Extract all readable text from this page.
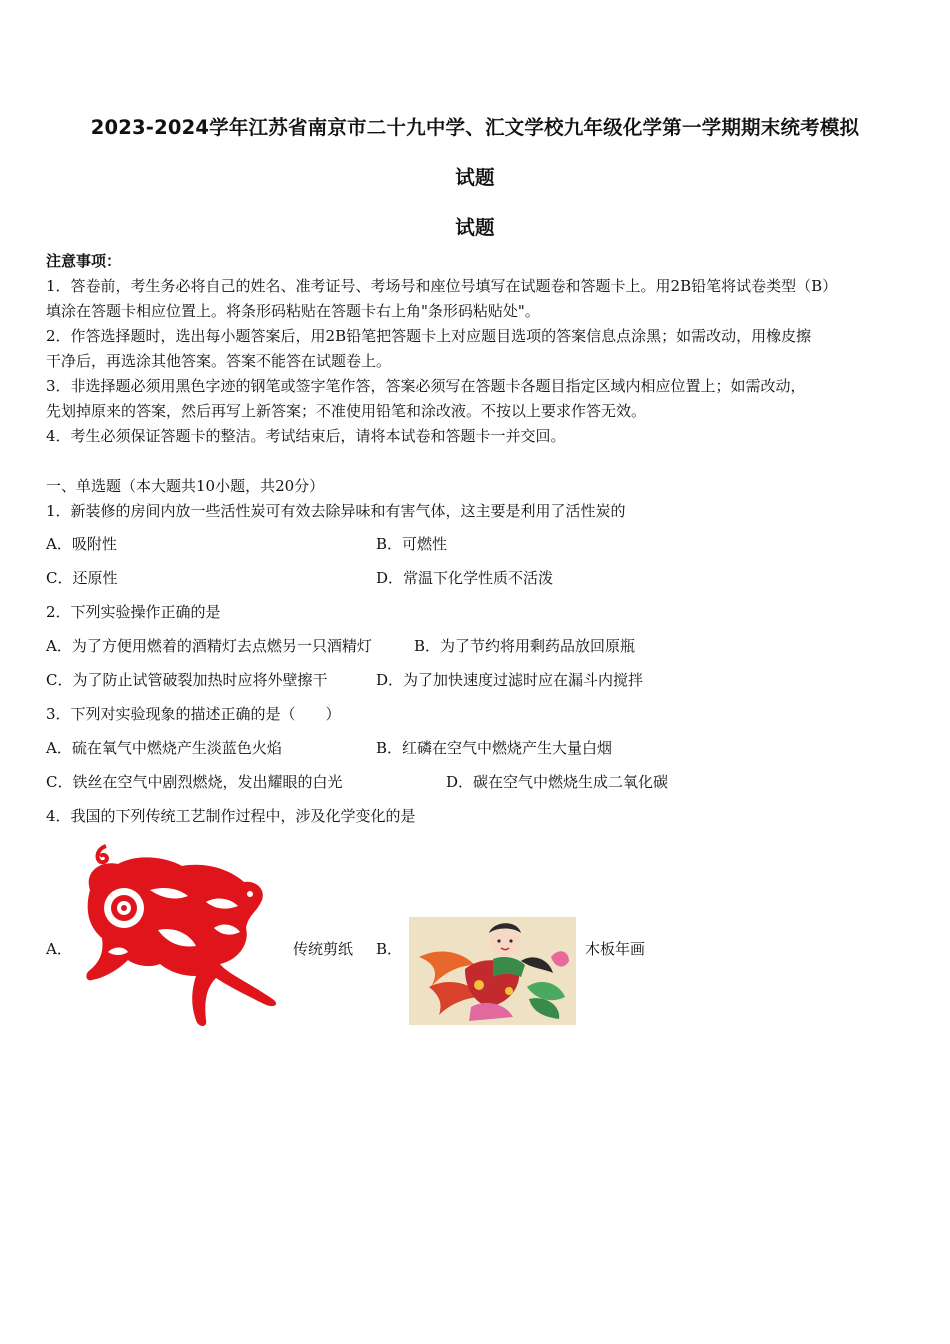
2023-2024学年江苏省南京市二十九中学、汇文学校九年级化学第一学期期末统考模拟
试题
试题
注意事项：
1．答卷前，考生务必将自己的姓名、准考证号、考场号和座位号填写在试题卷和答题卡上。用2B铅笔将试卷类型（B）
填涂在答题卡相应位置上。将条形码粘贴在答题卡右上角"条形码粘贴处"。
2．作答选择题时，选出每小题答案后，用2B铅笔把答题卡上对应题目选项的答案信息点涂黑；如需改动，用橡皮擦
干净后，再选涂其他答案。答案不能答在试题卷上。
3．非选择题必须用黑色字迹的钢笔或签字笔作答，答案必须写在答题卡各题目指定区域内相应位置上；如需改动，
先划掉原来的答案，然后再写上新答案；不准使用铅笔和涂改液。不按以上要求作答无效。
4．考生必须保证答题卡的整洁。考试结束后，请将本试卷和答题卡一并交回。
一、单选题（本大题共10小题，共20分）
1．新装修的房间内放一些活性炭可有效去除异味和有害气体，这主要是利用了活性炭的
A．吸附性	B．可燃性
C．还原性	D．常温下化学性质不活泼
2．下列实验操作正确的是
A．为了方便用燃着的酒精灯去点燃另一只酒精灯	B．为了节约将用剩药品放回原瓶
C．为了防止试管破裂加热时应将外壁擦干	D．为了加快速度过滤时应在漏斗内搅拌
3．下列对实验现象的描述正确的是（　　）
A．硫在氧气中燃烧产生淡蓝色火焰	B．红磷在空气中燃烧产生大量白烟
C．铁丝在空气中剧烈燃烧，发出耀眼的白光	D．碳在空气中燃烧生成二氧化碳
4．我国的下列传统工艺制作过程中，涉及化学变化的是
A．	传统剪纸 B．	木板年画
